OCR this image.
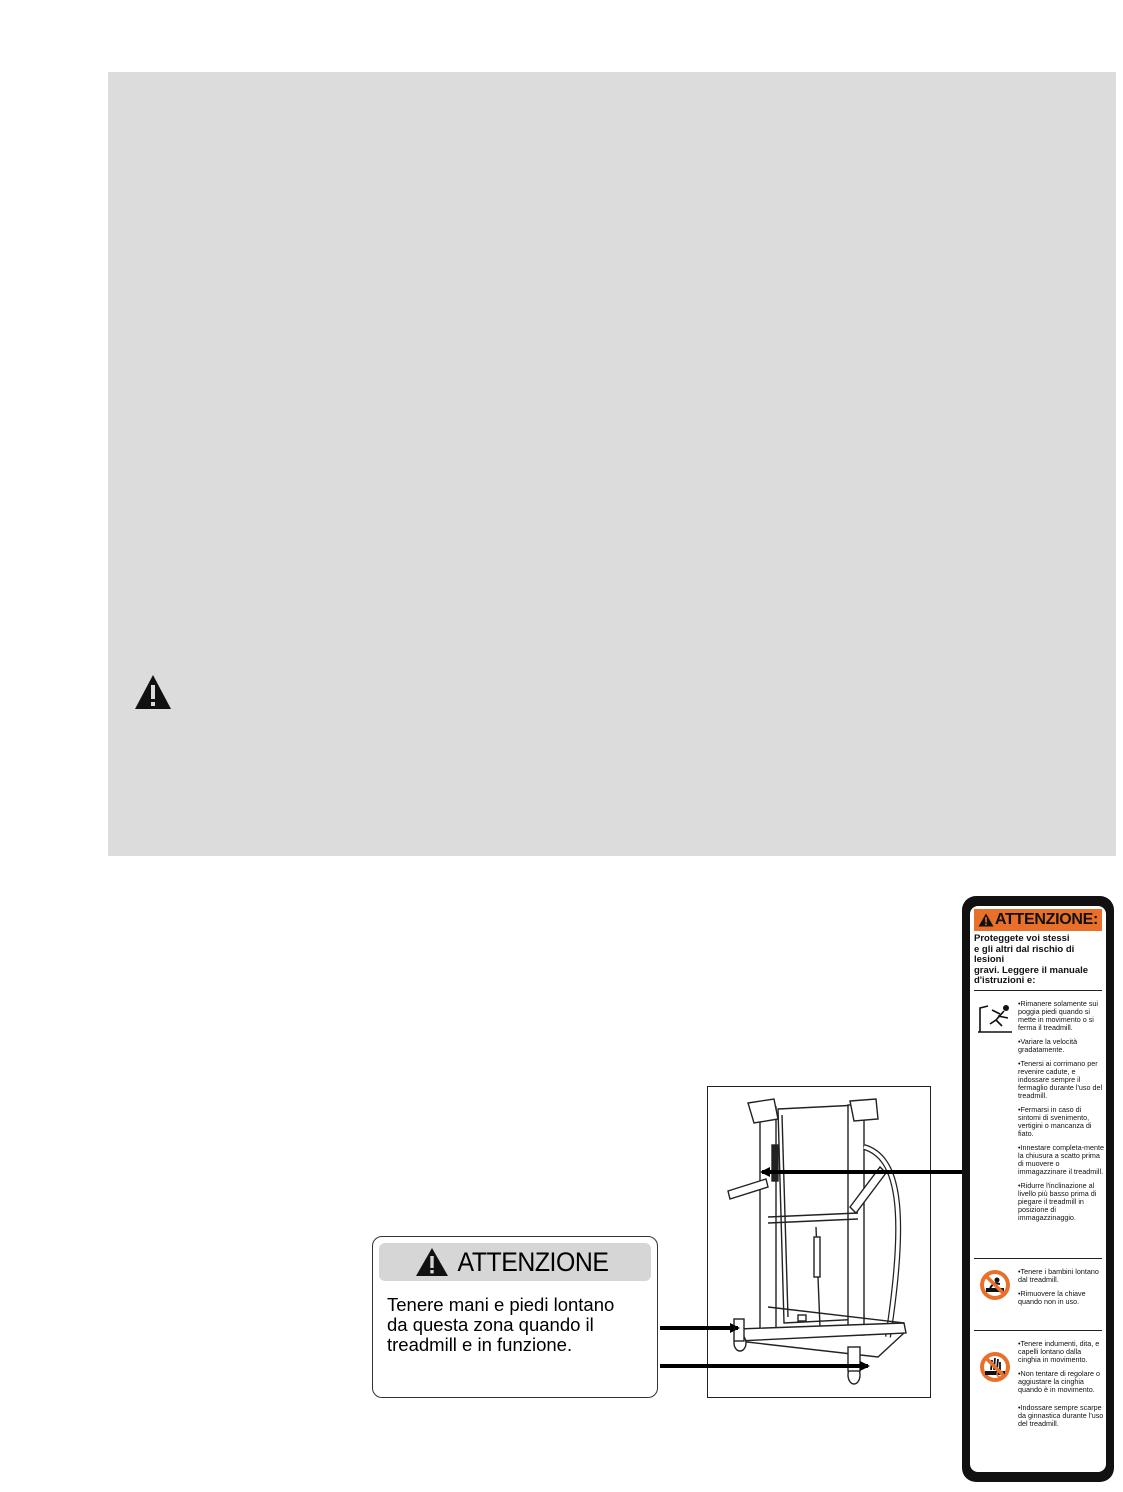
ATTENZIONE
Tenere mani e piedi lontano
da questa zona quando il
treadmill e in funzione.
ATTENZIONE:
Proteggete voi stessi
e gli altri dal rischio di lesioni
gravi. Leggere il manuale
d'istruzioni e:
•Rimanere solamente sui poggia piedi quando si mette in movimento o si ferma il treadmill.
•Variare la velocità gradatamente.
•Tenersi ai corrimano per revenire cadute, e indossare sempre il fermaglio durante l'uso del treadmill.
•Fermarsi in caso di sintomi di svenimento, vertigini o mancanza di fiato.
•Innestare completa-mente la chiusura a scatto prima di muovere o immagazzinare il treadmill.
•Ridurre l'inclinazione al livello più basso prima di piegare il treadmill in posizione di immagazzinaggio.
•Tenere i bambini lontano dal treadmill.
•Rimuovere la chiave quando non in uso.
•Tenere indumenti, dita, e capelli lontano dalla cinghia in movimento.
•Non tentare di regolare o aggiustare la cinghia quando è in movimento.
•Indossare sempre scarpe da ginnastica durante l'uso del treadmill.
